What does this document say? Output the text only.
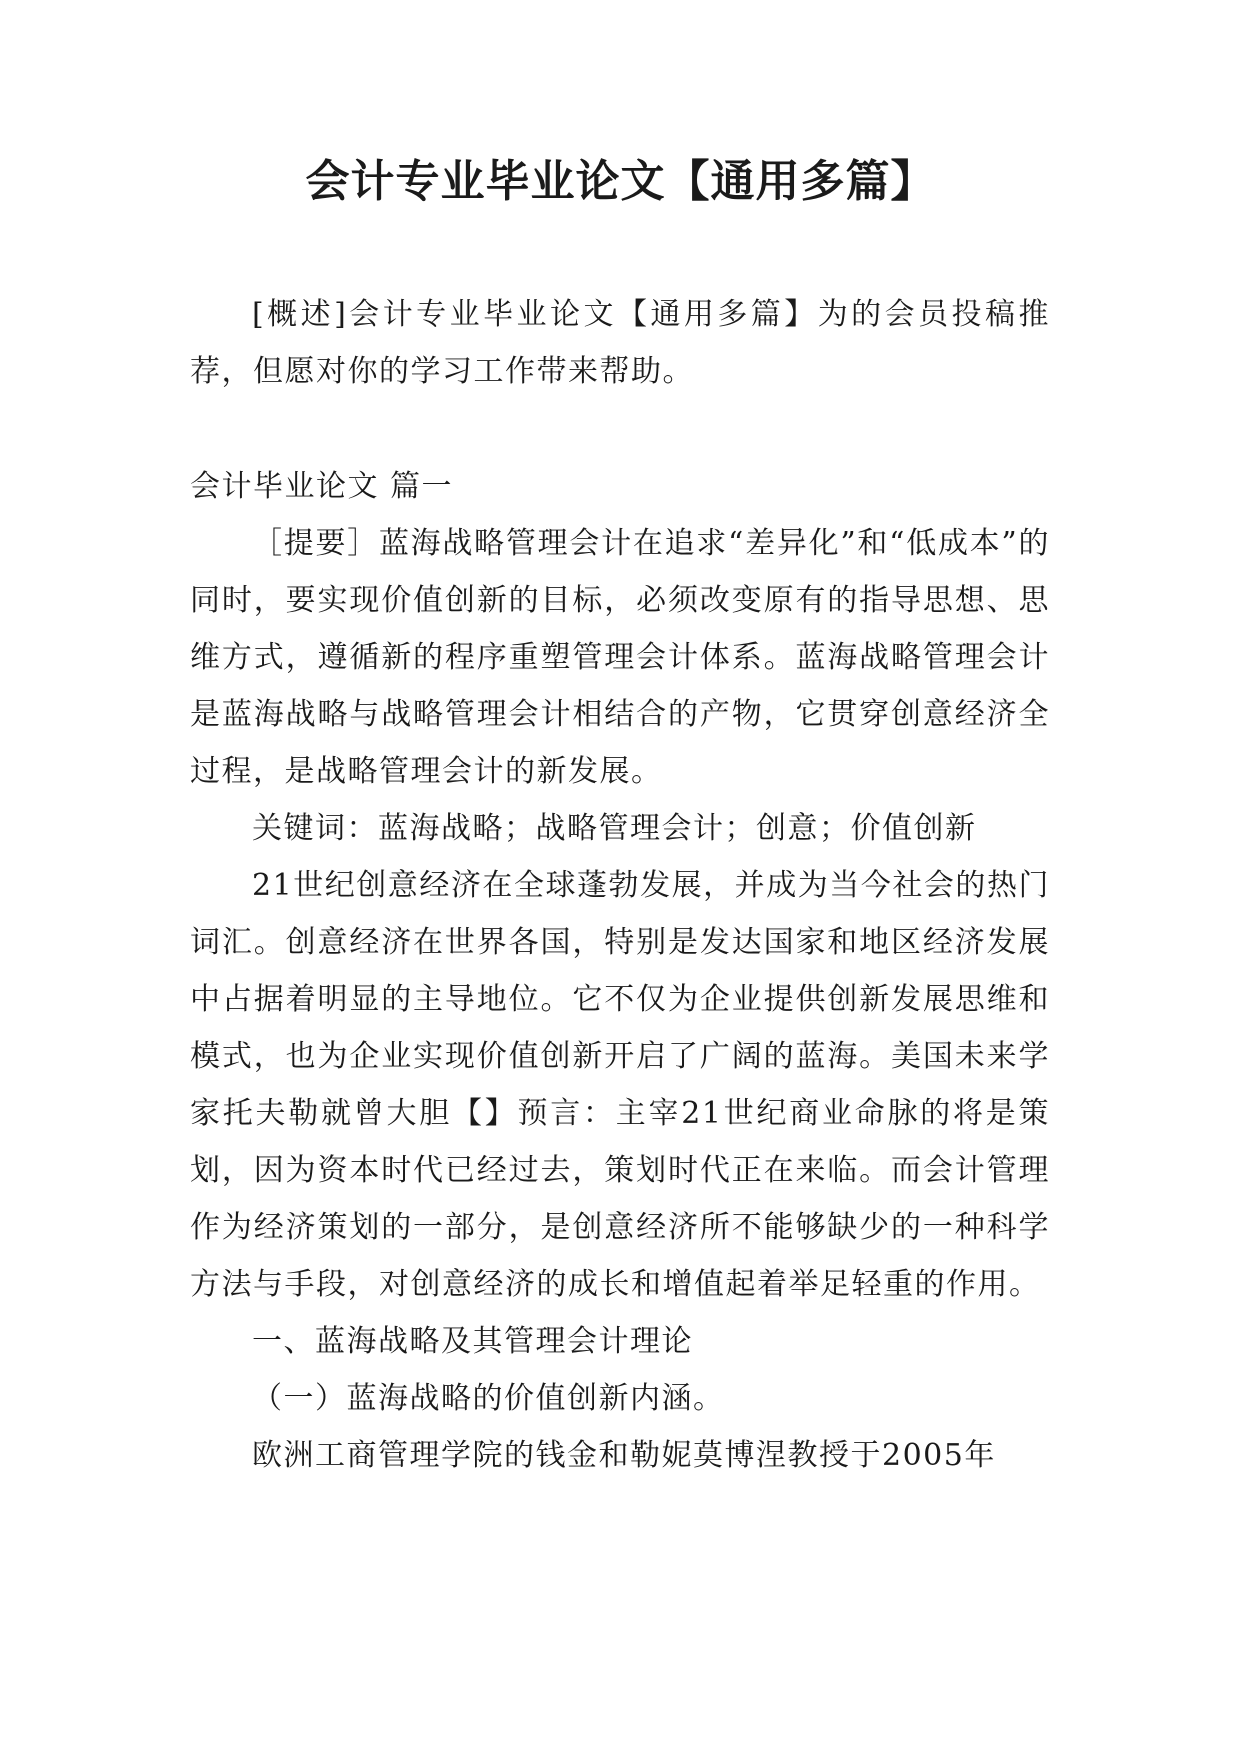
会计专业毕业论文【通用多篇】

[概述]会计专业毕业论文【通用多篇】为的会员投稿推荐，但愿对你的学习工作带来帮助。

会计毕业论文 篇一

［提要］蓝海战略管理会计在追求“差异化”和“低成本”的同时，要实现价值创新的目标，必须改变原有的指导思想、思维方式，遵循新的程序重塑管理会计体系。蓝海战略管理会计是蓝海战略与战略管理会计相结合的产物，它贯穿创意经济全过程，是战略管理会计的新发展。

关键词：蓝海战略；战略管理会计；创意；价值创新

21世纪创意经济在全球蓬勃发展，并成为当今社会的热门词汇。创意经济在世界各国，特别是发达国家和地区经济发展中占据着明显的主导地位。它不仅为企业提供创新发展思维和模式，也为企业实现价值创新开启了广阔的蓝海。美国未来学家托夫勒就曾大胆【】预言：主宰21世纪商业命脉的将是策划，因为资本时代已经过去，策划时代正在来临。而会计管理作为经济策划的一部分，是创意经济所不能够缺少的一种科学方法与手段，对创意经济的成长和增值起着举足轻重的作用。

一、蓝海战略及其管理会计理论

（一）蓝海战略的价值创新内涵。

欧洲工商管理学院的钱金和勒妮莫博涅教授于2005年
